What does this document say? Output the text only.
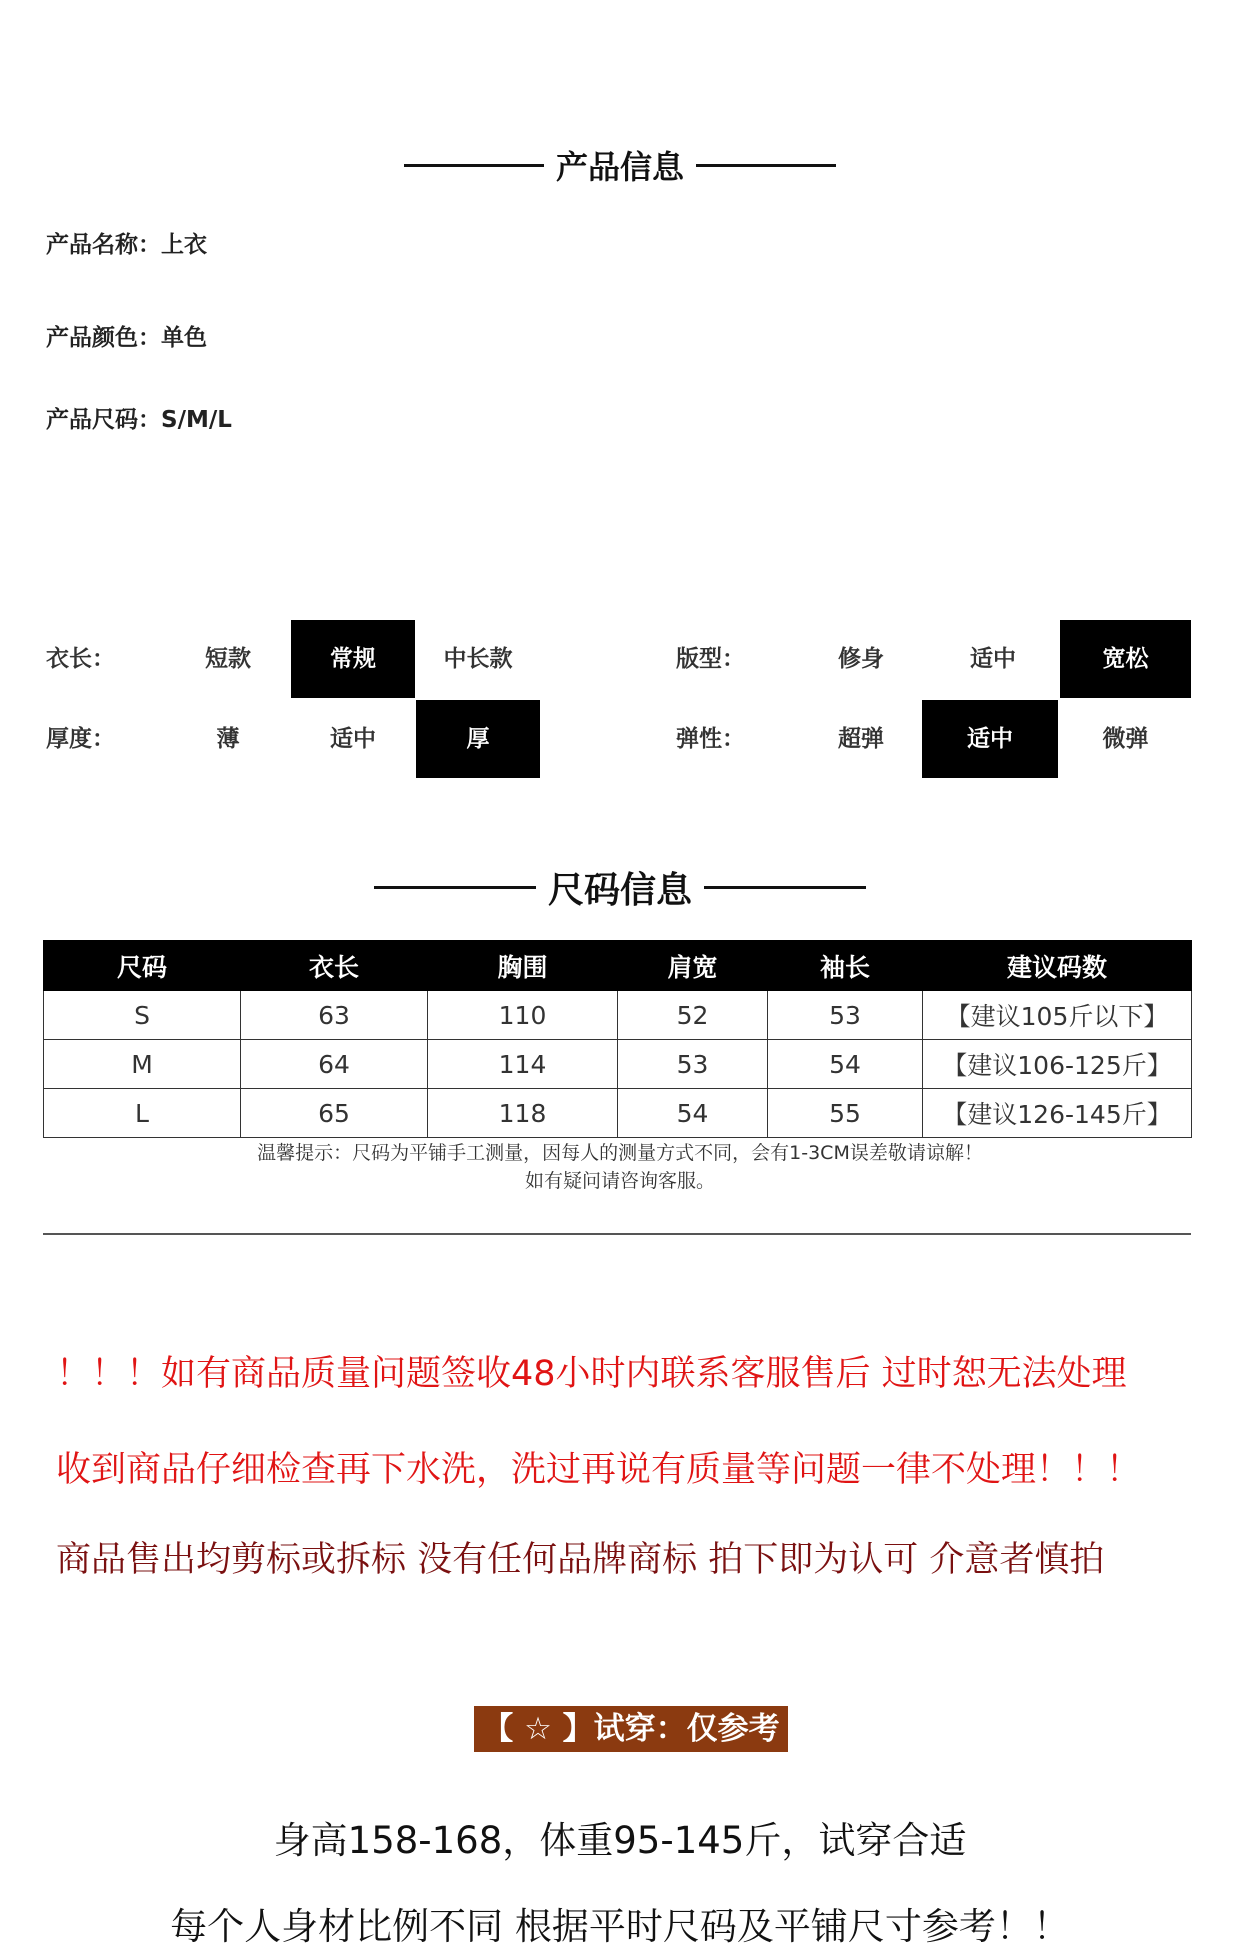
产品信息
产品名称：上衣
产品颜色：单色
产品尺码：S/M/L
衣长：	短款	常规	中长款	版型：	修身	适中	宽松
厚度：	薄	适中	厚	弹性：	超弹	适中	微弹
尺码信息
尺码	衣长	胸围	肩宽	袖长	建议码数
S	63	110	52	53	【建议105斤以下】
M	64	114	53	54	【建议106-125斤】
L	65	118	54	55	【建议126-145斤】
温馨提示：尺码为平铺手工测量，因每人的测量方式不同，会有1-3CM误差敬请谅解！
如有疑问请咨询客服。
！！！如有商品质量问题签收48小时内联系客服售后 过时恕无法处理
收到商品仔细检查再下水洗，洗过再说有质量等问题一律不处理！！！
商品售出均剪标或拆标 没有任何品牌商标 拍下即为认可 介意者慎拍
【 ☆ 】试穿：仅参考
身高158-168，体重95-145斤，试穿合适
每个人身材比例不同 根据平时尺码及平铺尺寸参考！！
